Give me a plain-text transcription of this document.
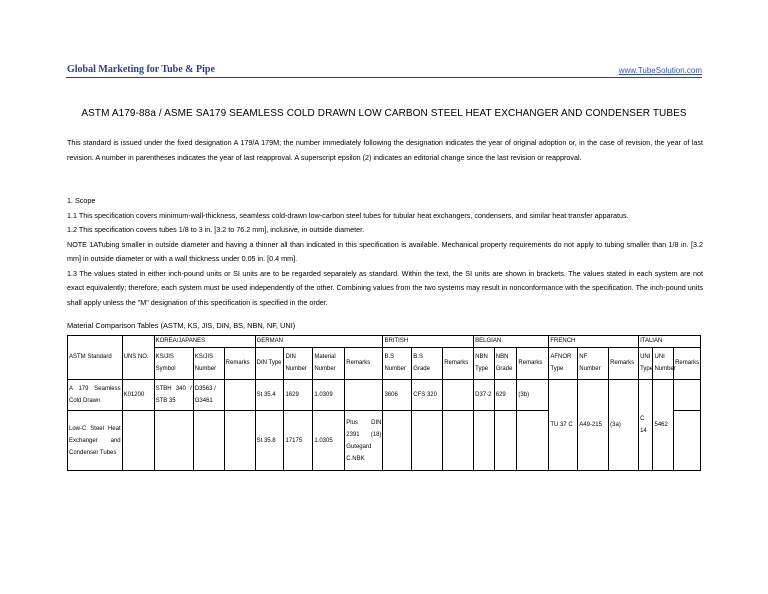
Global Marketing for Tube & Pipe	www.TubeSolution.com
ASTM A179-88a / ASME SA179 SEAMLESS COLD DRAWN LOW CARBON STEEL HEAT EXCHANGER AND CONDENSER TUBES

This standard is issued under the fixed designation A 179/A 179M; the number immediately following the designation indicates the year of original adoption or, in the case of revision, the year of last revision. A number in parentheses indicates the year of last reapproval. A superscript epsilon (2) indicates an editorial change since the last revision or reapproval.

1. Scope
1.1 This specification covers minimum-wall-thickness, seamless cold-drawn low-carbon steel tubes for tubular heat exchangers, condensers, and similar heat transfer apparatus.
1.2 This specification covers tubes 1/8 to 3 in. [3.2 to 76.2 mm], inclusive, in outside diameter.
NOTE 1ATubing smaller in outside diameter and having a thinner all than indicated in this specification is available. Mechanical property requirements do not apply to tubing smaller than 1/8 in. [3.2 mm] in outside diameter or with a wall thickness under 0.05 in. [0.4 mm].
1.3 The values stated in either inch-pound units or SI units are to be regarded separately as standard. Within the text, the SI units are shown in brackets. The values stated in each system are not exact equivalently; therefore, each system must be used independently of the other. Combining values from the two systems may result in nonconformance with the specification. The inch-pound units shall apply unless the "M" designation of this specification is specified in the order.
Material Comparison Tables (ASTM, KS, JIS, DIN, BS, NBN, NF, UNI)
ASTM Standard	UNS NO.	KOREA/JAPANES			GERMAN				BRITISH			BELGIAN			FRENCH			ITALIAN		
		KS/JIS Symbol	KS/JIS Number	Remarks	DIN Type	DIN Number	Material Number	Remarks	B.S Number	B.S Grade	Remarks	NBN Type	NBN Grade	Remarks	AFNOR Type	NF Number	Remarks	UNI Type	UNI Number	Remarks
A 179 Seamless Cold Drawn	K01200	STBH 340 / STB 35	D3563 / G3461		St 35.4	1629	1.0309		3606	CFS 320		D37-2	629	(3b)	TU 37 C	A49-215	(3a)	C 14	5462	
Low-C Steel Heat Exchanger and Condenser Tubes					St 35.8	17175	1.0305	Plus DIN 2391 (18) Gutegard C.NBK												
